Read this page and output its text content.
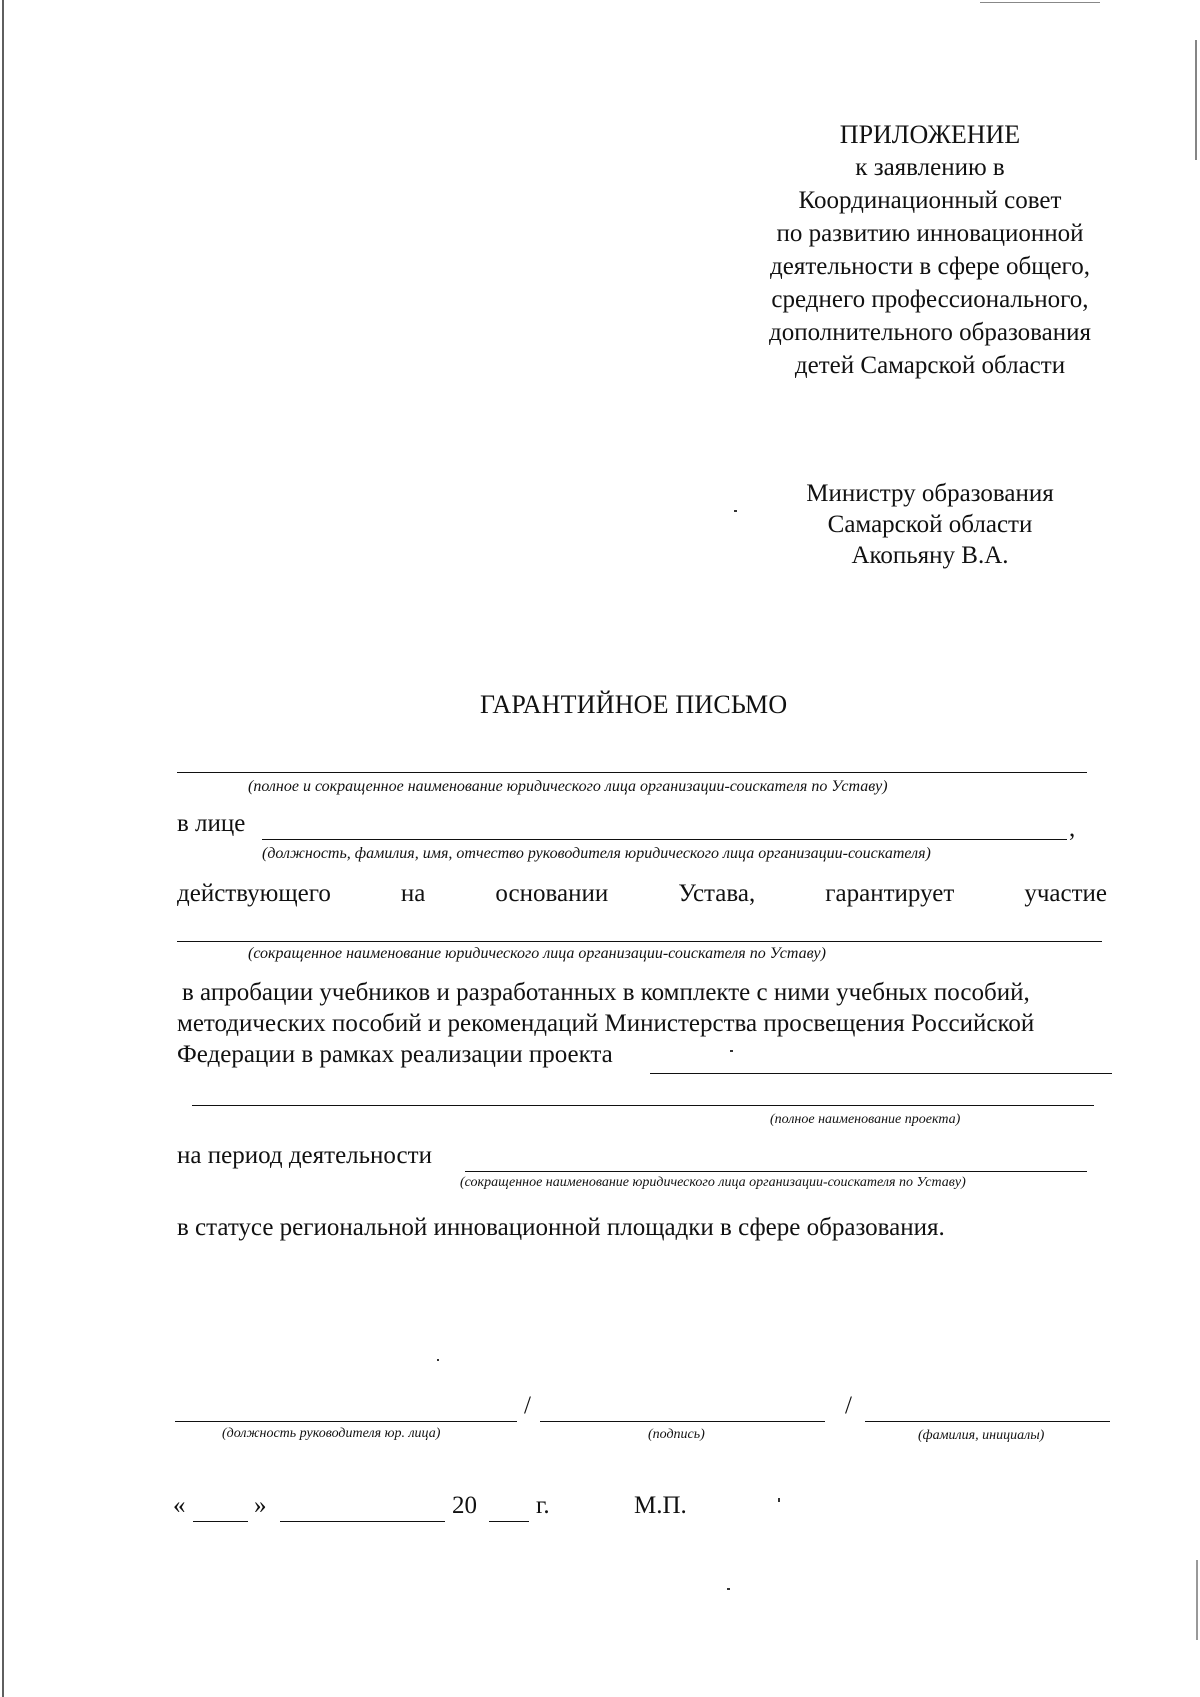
ПРИЛОЖЕНИЕ
к заявлению в
Координационный совет
по развитию инновационной
деятельности в сфере общего,
среднего профессионального,
дополнительного образования
детей Самарской области
Министру образования
Самарской области
Акопьяну В.А.
ГАРАНТИЙНОЕ ПИСЬМО
(полное и сокращенное наименование юридического лица организации-соискателя по Уставу)
в лице	,
(должность, фамилия, имя, отчество руководителя юридического лица организации-соискателя)
действующего	на	основании	Устава,	гарантирует	участие
(сокращенное наименование юридического лица организации-соискателя по Уставу)
в апробации учебников и разработанных в комплекте с ними учебных пособий,
методических пособий и рекомендаций Министерства просвещения Российской
Федерации в рамках реализации проекта
(полное наименование проекта)
на период деятельности
(сокращенное наименование юридического лица организации-соискателя по Уставу)
в статусе региональной инновационной площадки в сфере образования.
/	/
(должность руководителя юр. лица)	(подпись)	(фамилия, инициалы)
«	»	20 г.	М.П.
